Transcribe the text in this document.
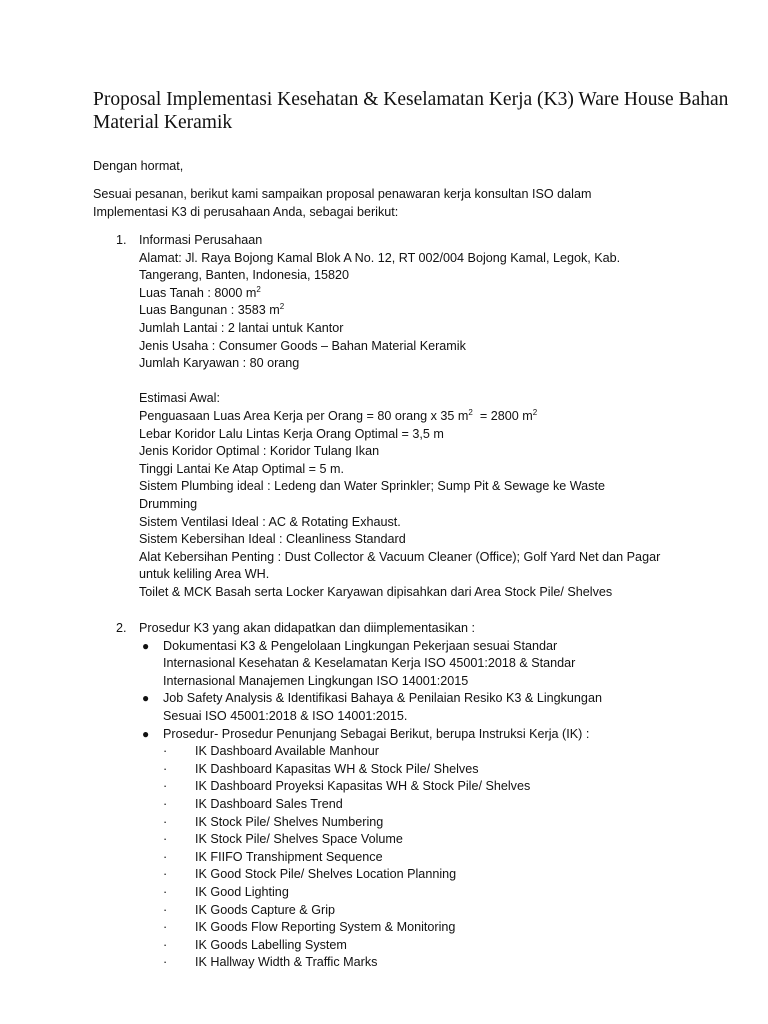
Proposal Implementasi Kesehatan & Keselamatan Kerja (K3) Ware House Bahan Material Keramik

Dengan hormat,

Sesuai pesanan, berikut kami sampaikan proposal penawaran kerja konsultan ISO dalam Implementasi K3 di perusahaan Anda, sebagai berikut:

1. Informasi Perusahaan
Alamat: Jl. Raya Bojong Kamal Blok A No. 12, RT 002/004 Bojong Kamal, Legok, Kab. Tangerang, Banten, Indonesia, 15820
Luas Tanah : 8000 $m^2$
Luas Bangunan : 3583 $m^2$
Jumlah Lantai : 2 lantai untuk Kantor
Jenis Usaha : Consumer Goods – Bahan Material Keramik
Jumlah Karyawan : 80 orang
Estimasi Awal:
Penguasaan Luas Area Kerja per Orang = 80 orang x 35 $m^2 = 2800$ $m^2$
Lebar Koridor Lalu Lintas Kerja Orang Optimal = 3,5 m
Jenis Koridor Optimal : Koridor Tulang Ikan
Tinggi Lantai Ke Atap Optimal = 5 m.
Sistem Plumbing ideal : Ledeng dan Water Sprinkler; Sump Pit & Sewage ke Waste Drumming
Sistem Ventilasi Ideal : AC & Rotating Exhaust.
Sistem Kebersihan Ideal : Cleanliness Standard
Alat Kebersihan Penting : Dust Collector & Vacuum Cleaner (Office); Golf Yard Net dan Pagar untuk keliling Area WH.
Toilet & MCK Basah serta Locker Karyawan dipisahkan dari Area Stock Pile/ Shelves
2. Prosedur K3 yang akan didapatkan dan diimplementasikan :
● Dokumentasi K3 & Pengelolaan Lingkungan Pekerjaan sesuai Standar Internasional Kesehatan & Keselamatan Kerja ISO 45001:2018 & Standar Internasional Manajemen Lingkungan ISO 14001:2015
● Job Safety Analysis & Identifikasi Bahaya & Penilaian Resiko K3 & Lingkungan Sesuai ISO 45001:2018 & ISO 14001:2015.
● Prosedur- Prosedur Penunjang Sebagai Berikut, berupa Instruksi Kerja (IK) :
· IK Dashboard Available Manhour
· IK Dashboard Kapasitas WH & Stock Pile/ Shelves
· IK Dashboard Proyeksi Kapasitas WH & Stock Pile/ Shelves
· IK Dashboard Sales Trend
· IK Stock Pile/ Shelves Numbering
· IK Stock Pile/ Shelves Space Volume
· IK FIIFO Transhipment Sequence
· IK Good Stock Pile/ Shelves Location Planning
· IK Good Lighting
· IK Goods Capture & Grip
· IK Goods Flow Reporting System & Monitoring
· IK Goods Labelling System
· IK Hallway Width & Traffic Marks
